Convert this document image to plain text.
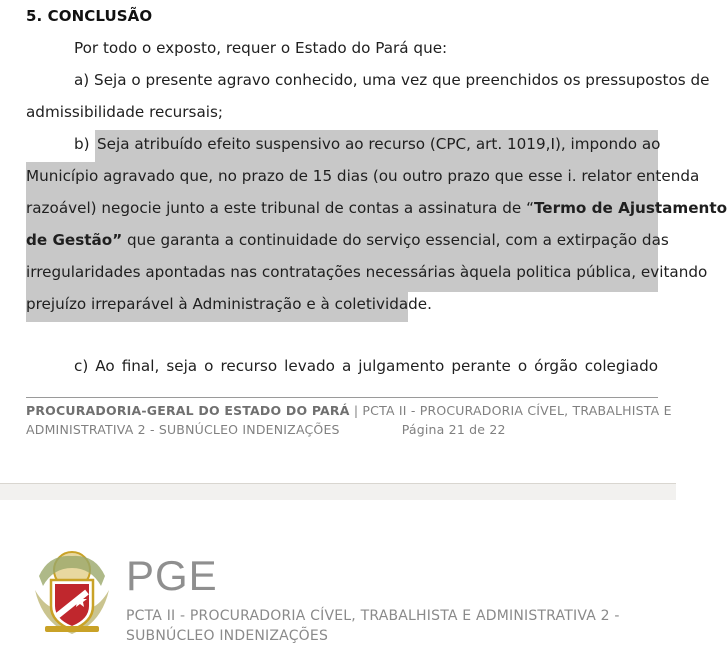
5. CONCLUSÃO
Por todo o exposto, requer o Estado do Pará que:
a) Seja o presente agravo conhecido, uma vez que preenchidos os pressupostos de
admissibilidade recursais;
b) Seja atribuído efeito suspensivo ao recurso (CPC, art. 1019,I), impondo ao
Município agravado que, no prazo de 15 dias (ou outro prazo que esse i. relator entenda
razoável) negocie junto a este tribunal de contas a assinatura de “Termo de Ajustamento
de Gestão” que garanta a continuidade do serviço essencial, com a extirpação das
irregularidades apontadas nas contratações necessárias àquela politica pública, evitando
prejuízo irreparável à Administração e à coletividade.
c) Ao final, seja o recurso levado a julgamento perante o órgão colegiado
PROCURADORIA-GERAL DO ESTADO DO PARÁ | PCTA II - PROCURADORIA CÍVEL, TRABALHISTA E
ADMINISTRATIVA 2 - SUBNÚCLEO INDENIZAÇÕES	Página 21 de 22
PGE
PCTA II - PROCURADORIA CÍVEL, TRABALHISTA E ADMINISTRATIVA 2 - SUBNÚCLEO INDENIZAÇÕES
